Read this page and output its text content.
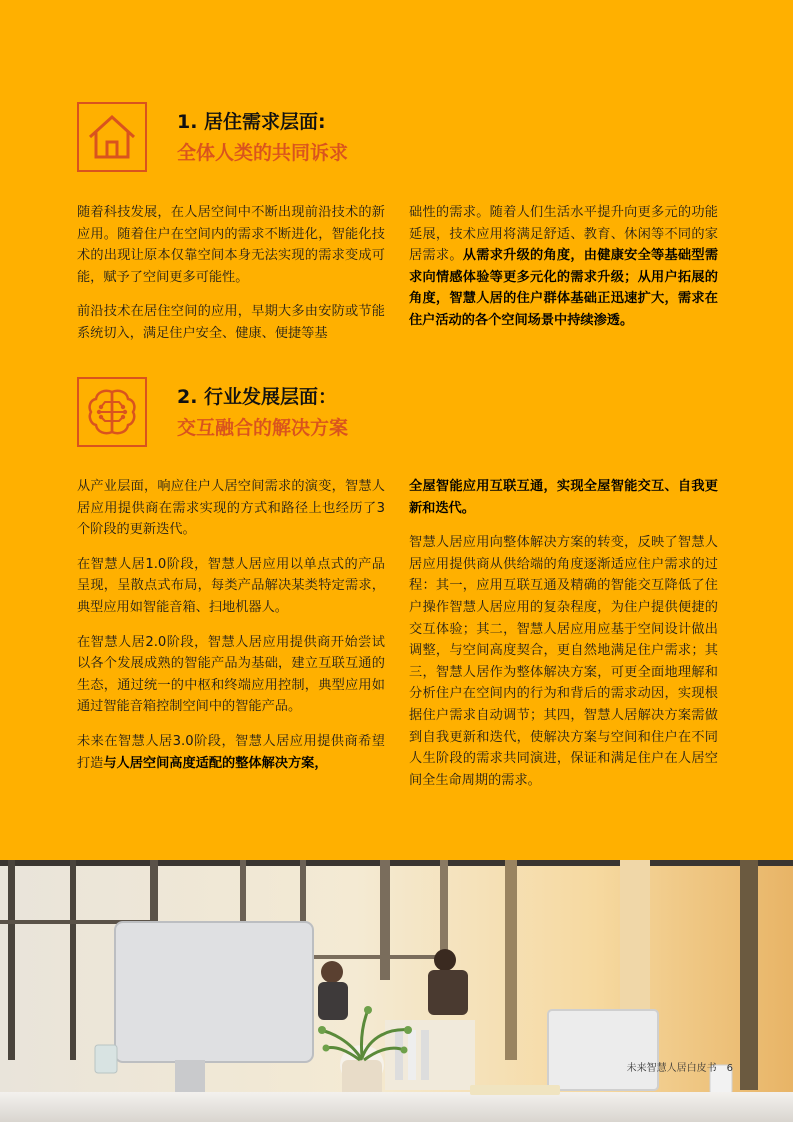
1. 居住需求层面:
全体人类的共同诉求

随着科技发展，在人居空间中不断出现前沿技术的新应用。随着住户在空间内的需求不断进化，智能化技术的出现让原本仅靠空间本身无法实现的需求变成可能，赋予了空间更多可能性。

前沿技术在居住空间的应用，早期大多由安防或节能系统切入，满足住户安全、健康、便捷等基

础性的需求。随着人们生活水平提升向更多元的功能延展，技术应用将满足舒适、教育、休闲等不同的家居需求。从需求升级的角度，由健康安全等基础型需求向情感体验等更多元化的需求升级；从用户拓展的角度，智慧人居的住户群体基础正迅速扩大，需求在住户活动的各个空间场景中持续渗透。

2. 行业发展层面：
交互融合的解决方案

从产业层面，响应住户人居空间需求的演变，智慧人居应用提供商在需求实现的方式和路径上也经历了3个阶段的更新迭代。

在智慧人居1.0阶段，智慧人居应用以单点式的产品呈现，呈散点式布局，每类产品解决某类特定需求，典型应用如智能音箱、扫地机器人。

在智慧人居2.0阶段，智慧人居应用提供商开始尝试以各个发展成熟的智能产品为基础，建立互联互通的生态，通过统一的中枢和终端应用控制，典型应用如通过智能音箱控制空间中的智能产品。

未来在智慧人居3.0阶段，智慧人居应用提供商希望打造与人居空间高度适配的整体解决方案，

全屋智能应用互联互通，实现全屋智能交互、自我更新和迭代。

智慧人居应用向整体解决方案的转变，反映了智慧人居应用提供商从供给端的角度逐渐适应住户需求的过程：其一，应用互联互通及精确的智能交互降低了住户操作智慧人居应用的复杂程度，为住户提供便捷的交互体验；其二，智慧人居应用应基于空间设计做出调整，与空间高度契合，更自然地满足住户需求；其三，智慧人居作为整体解决方案，可更全面地理解和分析住户在空间内的行为和背后的需求动因，实现根据住户需求自动调节；其四，智慧人居解决方案需做到自我更新和迭代，使解决方案与空间和住户在不同人生阶段的需求共同演进，保证和满足住户在人居空间全生命周期的需求。

未来智慧人居白皮书 6
